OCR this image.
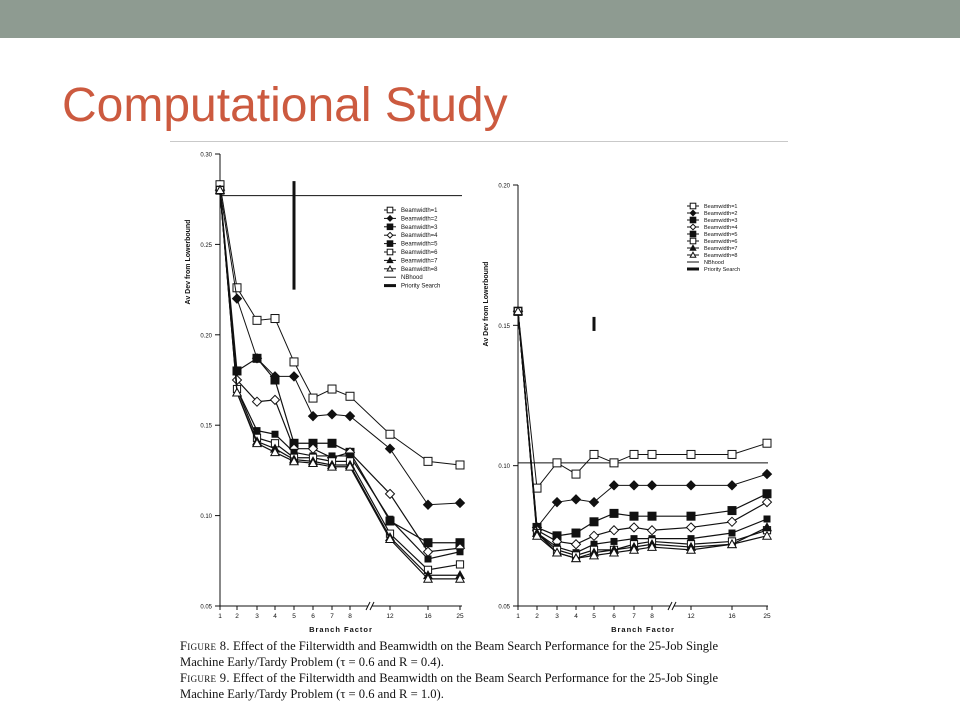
Computational Study
0.30
0.25
0.20
0.15
0.10
0.05
1 2	3 4 5 6 7 8	12	16	25
Branch Factor
Av Dev from Lowerbound
Beamwidth=1
Beamwidth=2
Beamwidth=3
Beamwidth=4
Beamwidth=5
Beamwidth=6
Beamwidth=7
Beamwidth=8
NBhood
Priority Search
0.20
0.15
0.10
0.05
1 2	3 4 5	6	7 8	12	16	25
Branch Factor
Av Dev from Lowerbound
Beamwidth=1
Beamwidth=2
Beamwidth=3
Beamwidth=4
Beamwidth=5
Beamwidth=6
Beamwidth=7
Beamwidth=8
NBhood
Priority Search

Figure 8. Effect of the Filterwidth and Beamwidth on the Beam Search Performance for the 25-Job Single
Machine Early/Tardy Problem (τ = 0.6 and R = 0.4).

Figure 9. Effect of the Filterwidth and Beamwidth on the Beam Search Performance for the 25-Job Single
Machine Early/Tardy Problem (τ = 0.6 and R = 1.0).
